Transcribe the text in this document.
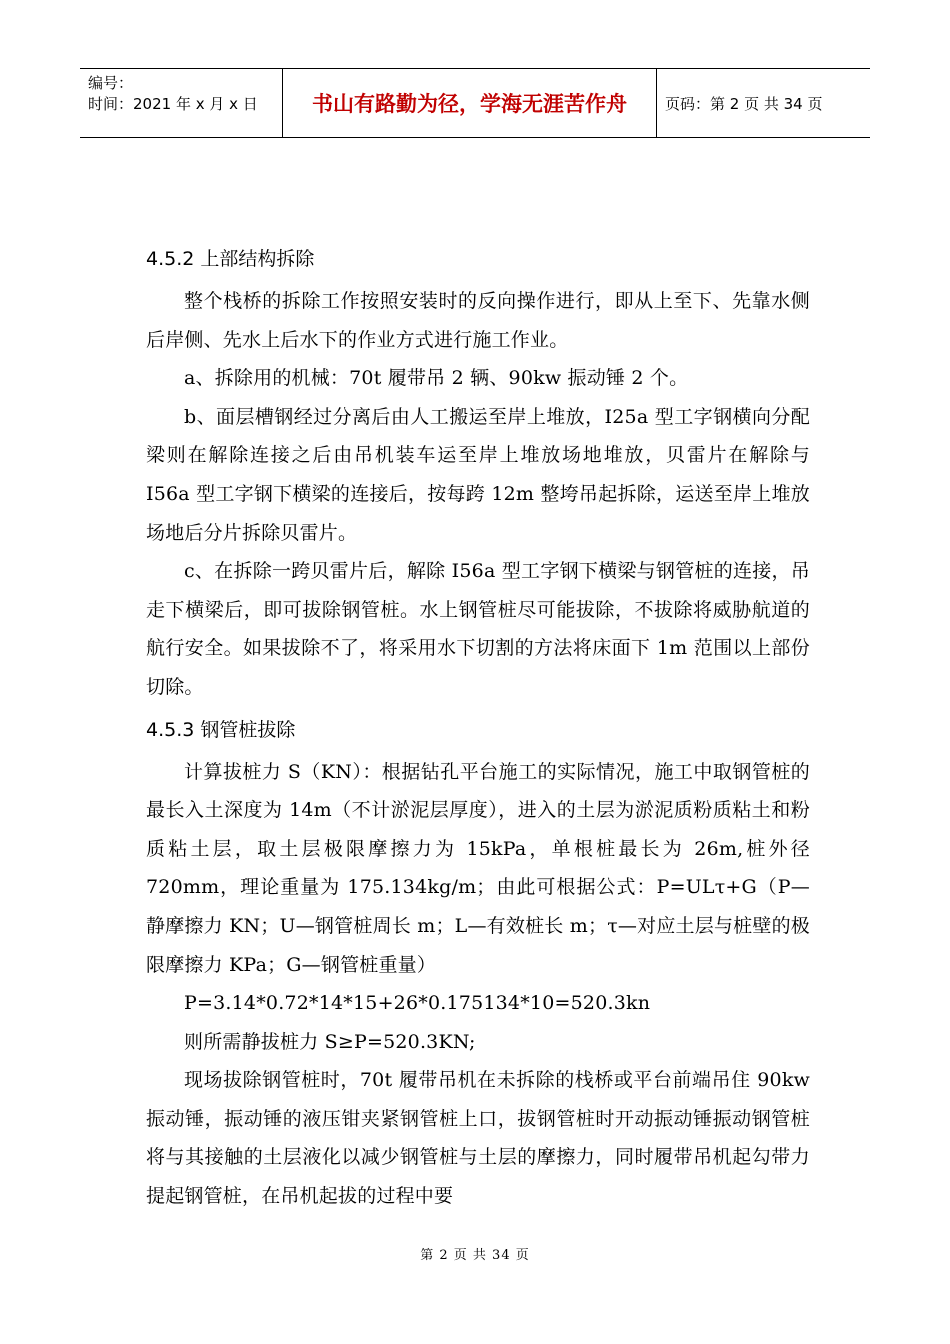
编号：
时间：2021 年 x 月 x 日	书山有路勤为径，学海无涯苦作舟	页码：第 2 页 共 34 页
4.5.2 上部结构拆除

整个栈桥的拆除工作按照安装时的反向操作进行，即从上至下、先靠水侧后岸侧、先水上后水下的作业方式进行施工作业。

a、拆除用的机械：70t 履带吊 2 辆、90kw 振动锤 2 个。

b、面层槽钢经过分离后由人工搬运至岸上堆放，I25a 型工字钢横向分配梁则在解除连接之后由吊机装车运至岸上堆放场地堆放，贝雷片在解除与 I56a 型工字钢下横梁的连接后，按每跨 12m 整垮吊起拆除，运送至岸上堆放场地后分片拆除贝雷片。

c、在拆除一跨贝雷片后，解除 I56a 型工字钢下横梁与钢管桩的连接，吊走下横梁后，即可拔除钢管桩。水上钢管桩尽可能拔除，不拔除将威胁航道的航行安全。如果拔除不了，将采用水下切割的方法将床面下 1m 范围以上部份切除。

4.5.3 钢管桩拔除

计算拔桩力 S（KN）：根据钻孔平台施工的实际情况，施工中取钢管桩的最长入土深度为 14m（不计淤泥层厚度），进入的土层为淤泥质粉质粘土和粉质粘土层，取土层极限摩擦力为 15kPa，单根桩最长为 26m,桩外径 720mm，理论重量为 175.134kg/m；由此可根据公式：P=ULτ+G（P—静摩擦力 KN；U—钢管桩周长 m；L—有效桩长 m；τ—对应土层与桩壁的极限摩擦力 KPa；G—钢管桩重量）

P=3.14*0.72*14*15+26*0.175134*10=520.3kn

则所需静拔桩力 S≥P=520.3KN;

现场拔除钢管桩时，70t 履带吊机在未拆除的栈桥或平台前端吊住 90kw 振动锤，振动锤的液压钳夹紧钢管桩上口，拔钢管桩时开动振动锤振动钢管桩将与其接触的土层液化以减少钢管桩与土层的摩擦力，同时履带吊机起勾带力提起钢管桩，在吊机起拔的过程中要

第 2 页 共 34 页
